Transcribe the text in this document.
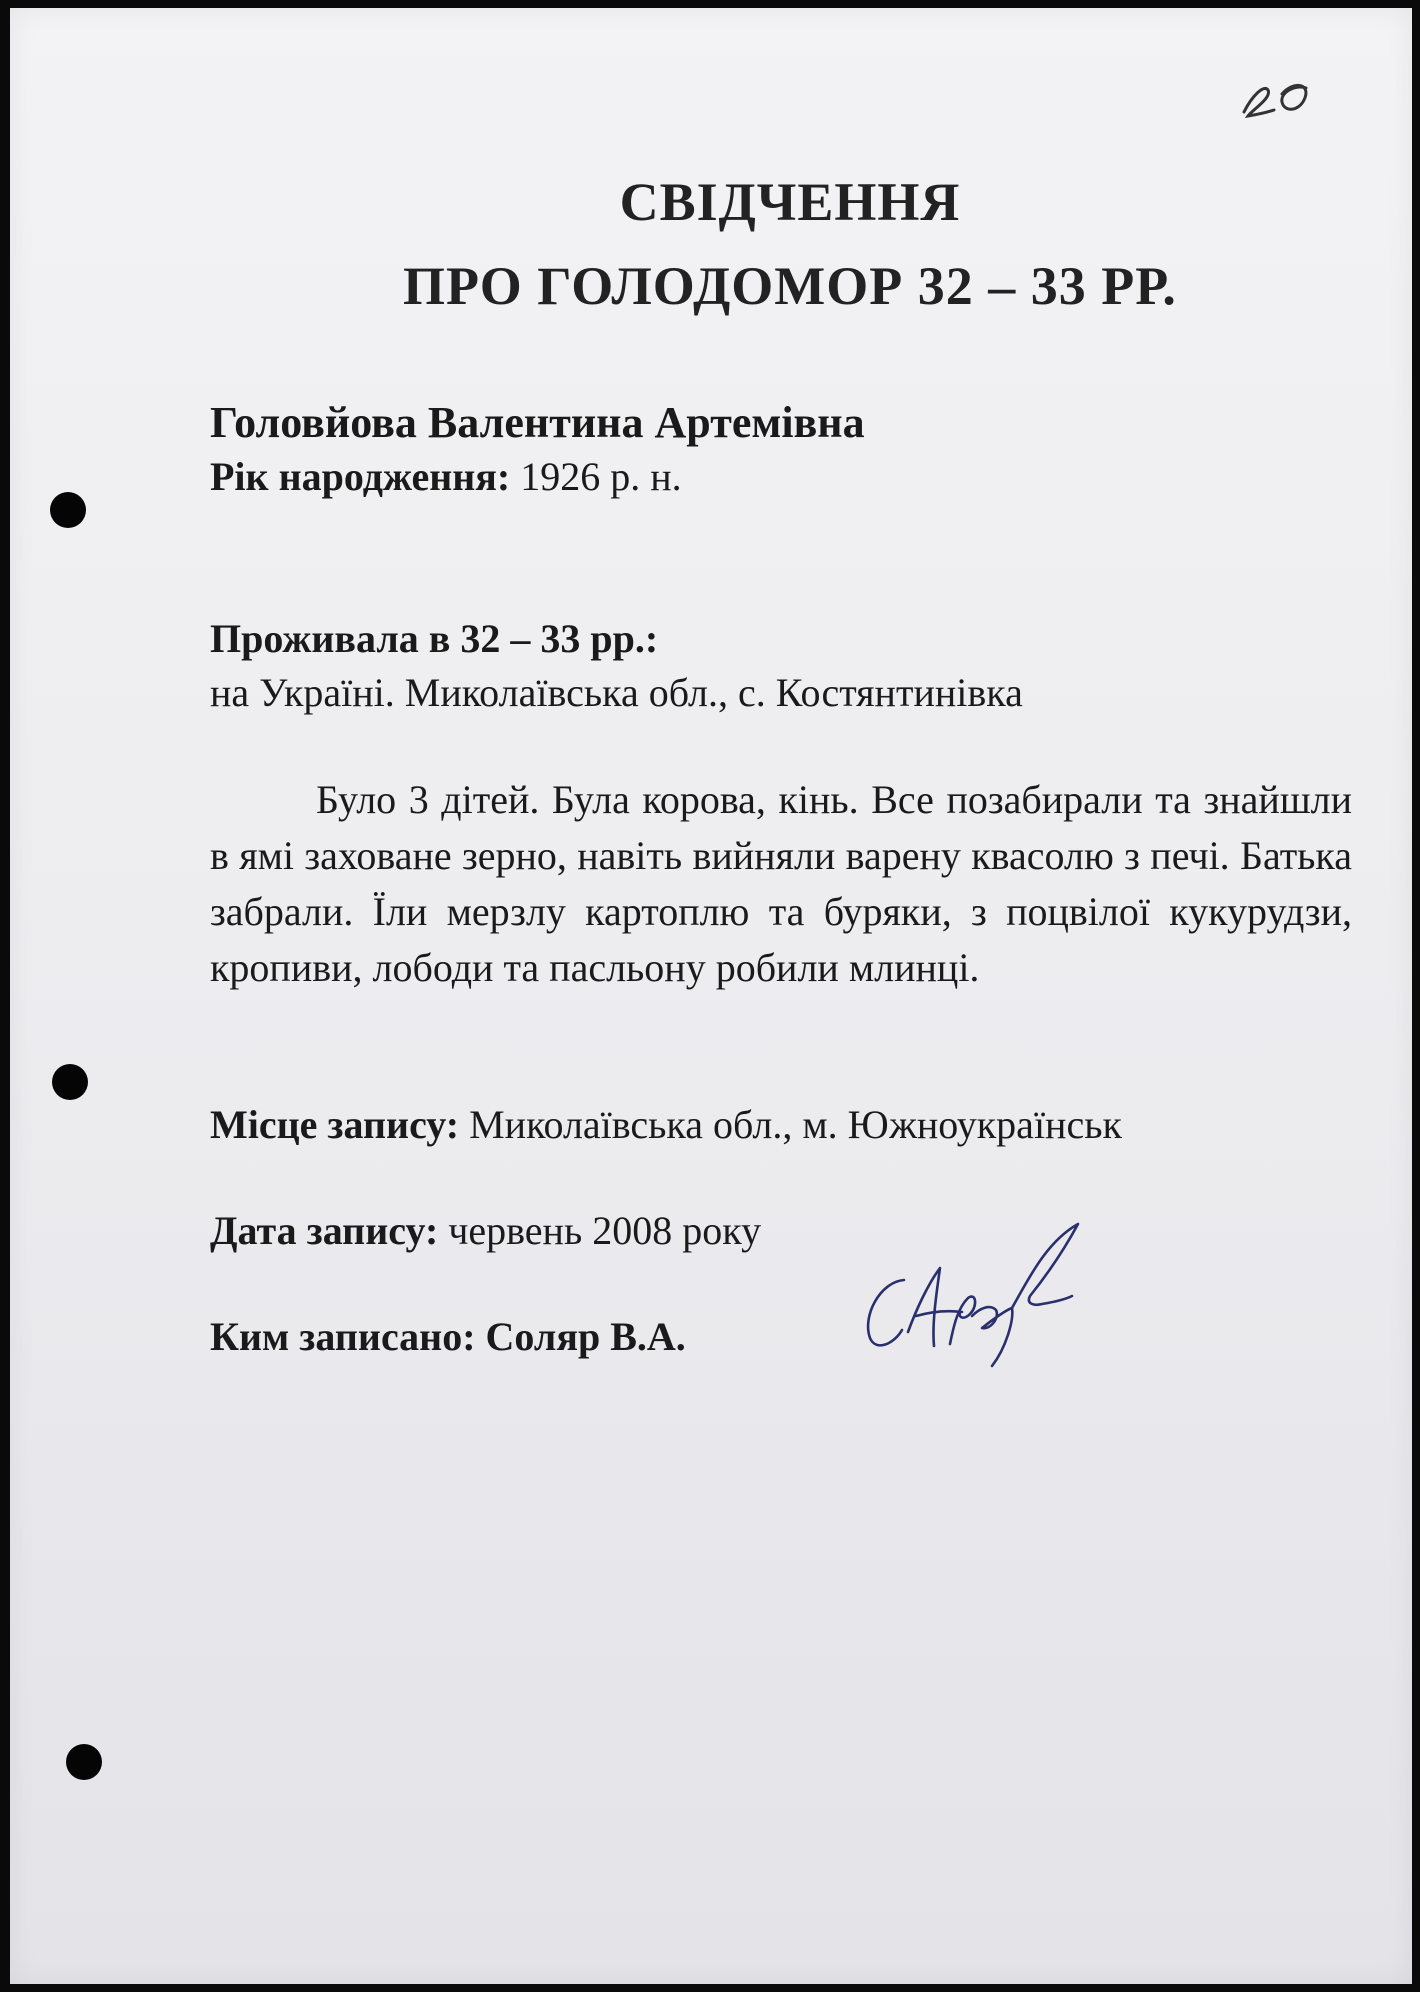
СВІДЧЕННЯ
ПРО ГОЛОДОМОР 32 – 33 РР.
Головйова Валентина Артемівна
Рік народження: 1926 р. н.
Проживала в 32 – 33 рр.:
на Україні. Миколаївська обл., с. Костянтинівка
Було 3 дітей. Була корова, кінь. Все позабирали та знайшли в ямі заховане зерно, навіть вийняли варену квасолю з печі. Батька забрали. Їли мерзлу картоплю та буряки, з поцвілої кукурудзи, кропиви, лободи та пасльону робили млинці.
Місце запису: Миколаївська обл., м. Южноукраїнськ
Дата запису: червень 2008 року
Ким записано: Соляр В.А.
